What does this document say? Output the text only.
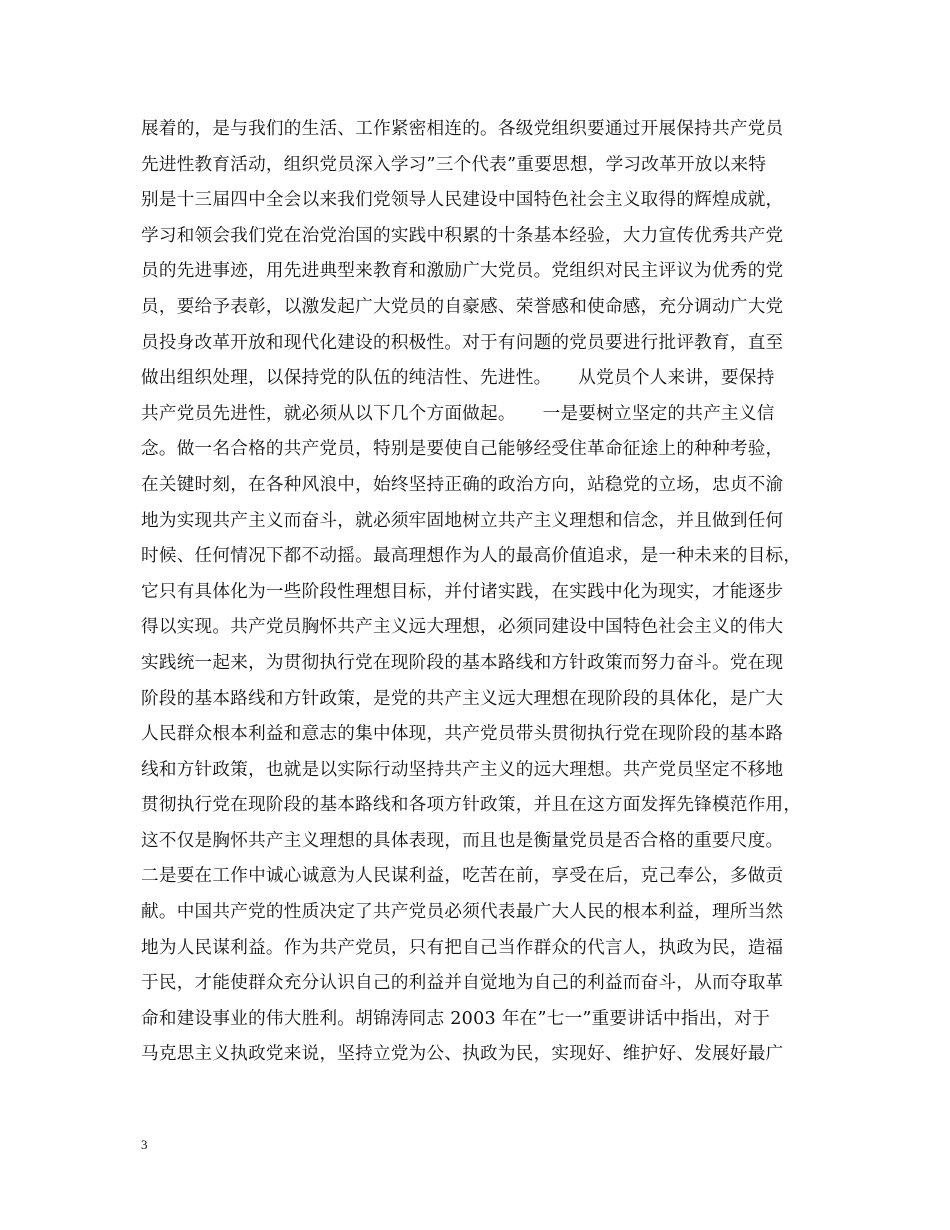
展着的，是与我们的生活、工作紧密相连的。各级党组织要通过开展保持共产党员
先进性教育活动，组织党员深入学习”三个代表”重要思想，学习改革开放以来特
别是十三届四中全会以来我们党领导人民建设中国特色社会主义取得的辉煌成就，
学习和领会我们党在治党治国的实践中积累的十条基本经验，大力宣传优秀共产党
员的先进事迹，用先进典型来教育和激励广大党员。党组织对民主评议为优秀的党
员，要给予表彰，以激发起广大党员的自豪感、荣誉感和使命感，充分调动广大党
员投身改革开放和现代化建设的积极性。对于有问题的党员要进行批评教育，直至
做出组织处理，以保持党的队伍的纯洁性、先进性。　　从党员个人来讲，要保持
共产党员先进性，就必须从以下几个方面做起。　　一是要树立坚定的共产主义信
念。做一名合格的共产党员，特别是要使自己能够经受住革命征途上的种种考验，
在关键时刻，在各种风浪中，始终坚持正确的政治方向，站稳党的立场，忠贞不渝
地为实现共产主义而奋斗，就必须牢固地树立共产主义理想和信念，并且做到任何
时候、任何情况下都不动摇。最高理想作为人的最高价值追求，是一种未来的目标，
它只有具体化为一些阶段性理想目标，并付诸实践，在实践中化为现实，才能逐步
得以实现。共产党员胸怀共产主义远大理想，必须同建设中国特色社会主义的伟大
实践统一起来，为贯彻执行党在现阶段的基本路线和方针政策而努力奋斗。党在现
阶段的基本路线和方针政策，是党的共产主义远大理想在现阶段的具体化，是广大
人民群众根本利益和意志的集中体现，共产党员带头贯彻执行党在现阶段的基本路
线和方针政策，也就是以实际行动坚持共产主义的远大理想。共产党员坚定不移地
贯彻执行党在现阶段的基本路线和各项方针政策，并且在这方面发挥先锋模范作用，
这不仅是胸怀共产主义理想的具体表现，而且也是衡量党员是否合格的重要尺度。
二是要在工作中诚心诚意为人民谋利益，吃苦在前，享受在后，克己奉公，多做贡
献。中国共产党的性质决定了共产党员必须代表最广大人民的根本利益，理所当然
地为人民谋利益。作为共产党员，只有把自己当作群众的代言人，执政为民，造福
于民，才能使群众充分认识自己的利益并自觉地为自己的利益而奋斗，从而夺取革
命和建设事业的伟大胜利。胡锦涛同志 2003 年在”七一”重要讲话中指出，对于
马克思主义执政党来说，坚持立党为公、执政为民，实现好、维护好、发展好最广
3
